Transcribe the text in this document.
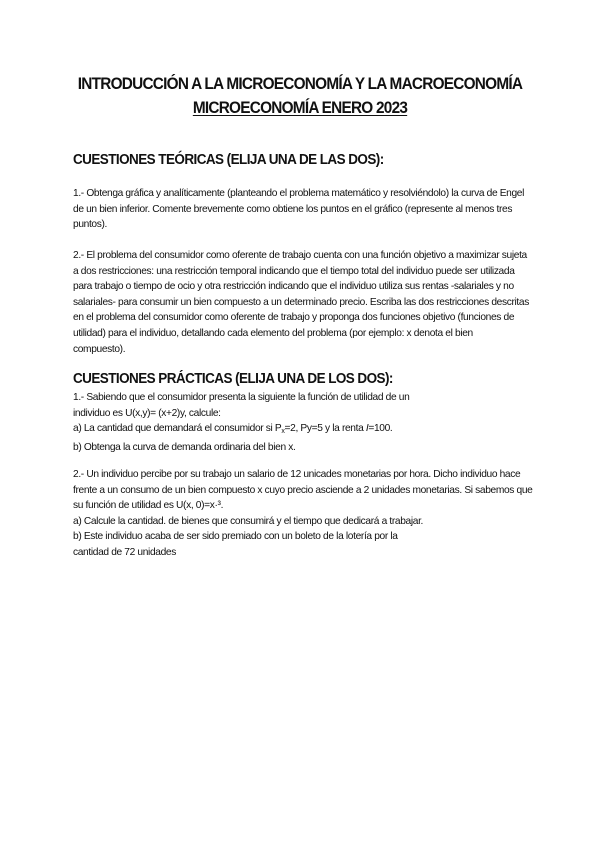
INTRODUCCIÓN A LA MICROECONOMÍA Y LA MACROECONOMÍA

MICROECONOMÍA ENERO 2023

CUESTIONES TEÓRICAS (ELIJA UNA DE LAS DOS):
1.- Obtenga gráfica y analíticamente (planteando el problema matemático y resolviéndolo) la curva de Engel
de un bien inferior. Comente brevemente como obtiene los puntos en el gráfico (represente al menos tres
puntos).
2.- El problema del consumidor como oferente de trabajo cuenta con una función objetivo a maximizar sujeta
a dos restricciones: una restricción temporal indicando que el tiempo total del individuo puede ser utilizada
para trabajo o tiempo de ocio y otra restricción indicando que el individuo utiliza sus rentas -salariales y no
salariales- para consumir un bien compuesto a un determinado precio. Escriba las dos restricciones descritas
en el problema del consumidor como oferente de trabajo y proponga dos funciones objetivo (funciones de
utilidad) para el individuo, detallando cada elemento del problema (por ejemplo: x denota el bien
compuesto).
CUESTIONES PRÁCTICAS (ELIJA UNA DE LOS DOS):
1.- Sabiendo que el consumidor presenta la siguiente la función de utilidad de un
individuo es U(x,y)= (x+2)y, calcule:
a) La cantidad que demandará el consumidor si $P_x=2$, Py=5 y la renta I=100.
b) Obtenga la curva de demanda ordinaria del bien x.
2.- Un individuo percibe por su trabajo un salario de 12 unicades monetarias por hora. Dicho individuo hace
frente a un consumo de un bien compuesto x cuyo precio asciende a 2 unidades monetarias. Si sabemos que
su función de utilidad es U(x, 0)=x·³.
a) Calcule la cantidad. de bienes que consumirá y el tiempo que dedicará a trabajar.
b) Este individuo acaba de ser sido premiado con un boleto de la lotería por la
cantidad de 72 unidades
